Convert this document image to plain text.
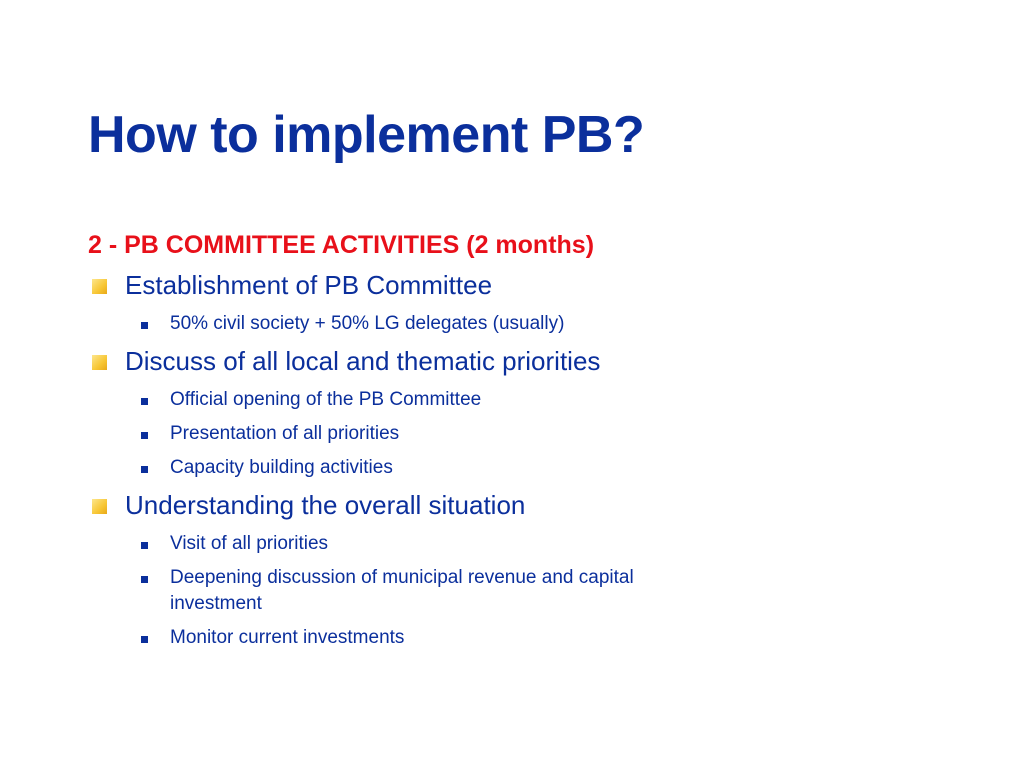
How to implement PB?
2 - PB COMMITTEE ACTIVITIES (2 months)
Establishment of PB Committee
50% civil society + 50% LG delegates (usually)
Discuss of all local and thematic priorities
Official opening of the PB Committee
Presentation of all priorities
Capacity building activities
Understanding the overall situation
Visit of all priorities
Deepening discussion of municipal revenue and capital investment
Monitor current investments
